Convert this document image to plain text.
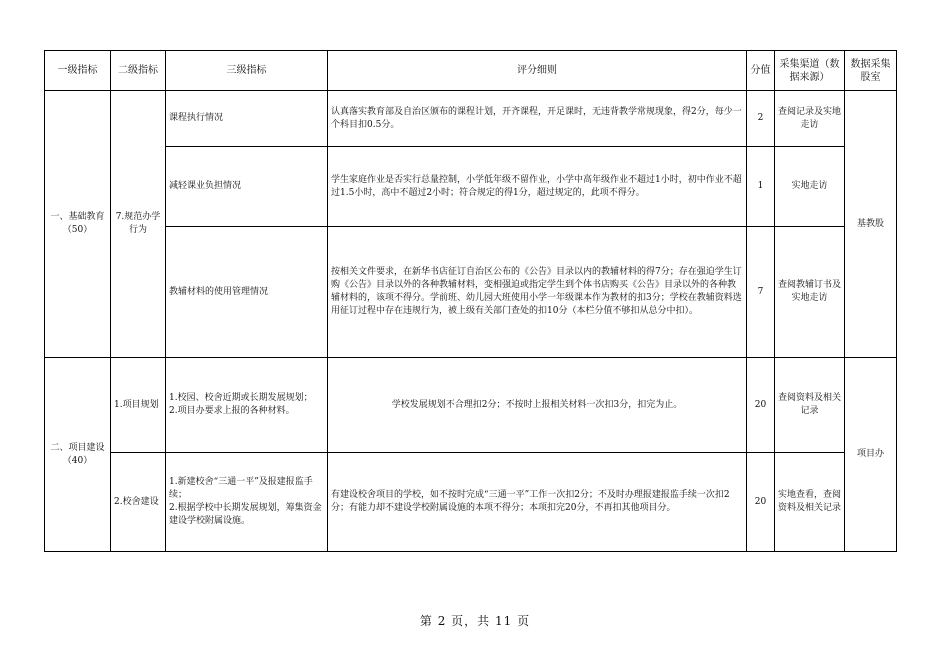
一级指标	二级指标	三级指标	评分细则	分值	采集渠道（数据来源）	数据采集股室
一、基础教育（50）	7.规范办学行为	课程执行情况	认真落实教育部及自治区颁布的课程计划，开齐课程，开足课时，无违背教学常规现象，得2分，每少一个科目扣0.5分。	2	查阅记录及实地走访	基教股
		减轻课业负担情况	学生家庭作业是否实行总量控制，小学低年级不留作业，小学中高年级作业不超过1小时，初中作业不超过1.5小时，高中不超过2小时；符合规定的得1分，超过规定的，此项不得分。	1	实地走访	
		教辅材料的使用管理情况	按相关文件要求，在新华书店征订自治区公布的《公告》目录以内的教辅材料的得7分；存在强迫学生订购《公告》目录以外的各种教辅材料，变相强迫或指定学生到个体书店购买《公告》目录以外的各种教辅材料的，该项不得分。学前班、幼儿园大班使用小学一年级课本作为教材的扣3分；学校在教辅资料选用征订过程中存在违规行为，被上级有关部门查处的扣10分（本栏分值不够扣从总分中扣）。	7	查阅教辅订书及实地走访	
二、项目建设（40）	1.项目规划	1.校园、校舍近期或长期发展规划；
2.项目办要求上报的各种材料。	学校发展规划不合理扣2分；不按时上报相关材料一次扣3分，扣完为止。	20	查阅资料及相关记录	项目办
	2.校舍建设	1.新建校舍“三通一平”及报建报监手续；
2.根据学校中长期发展规划，筹集资金建设学校附属设施。	有建设校舍项目的学校，如不按时完成“三通一平”工作一次扣2分；不及时办理报建报监手续一次扣2分；有能力却不建设学校附属设施的本项不得分；本项扣完20分，不再扣其他项目分。	20	实地查看，查阅资料及相关记录	
第 2 页，共 11 页
